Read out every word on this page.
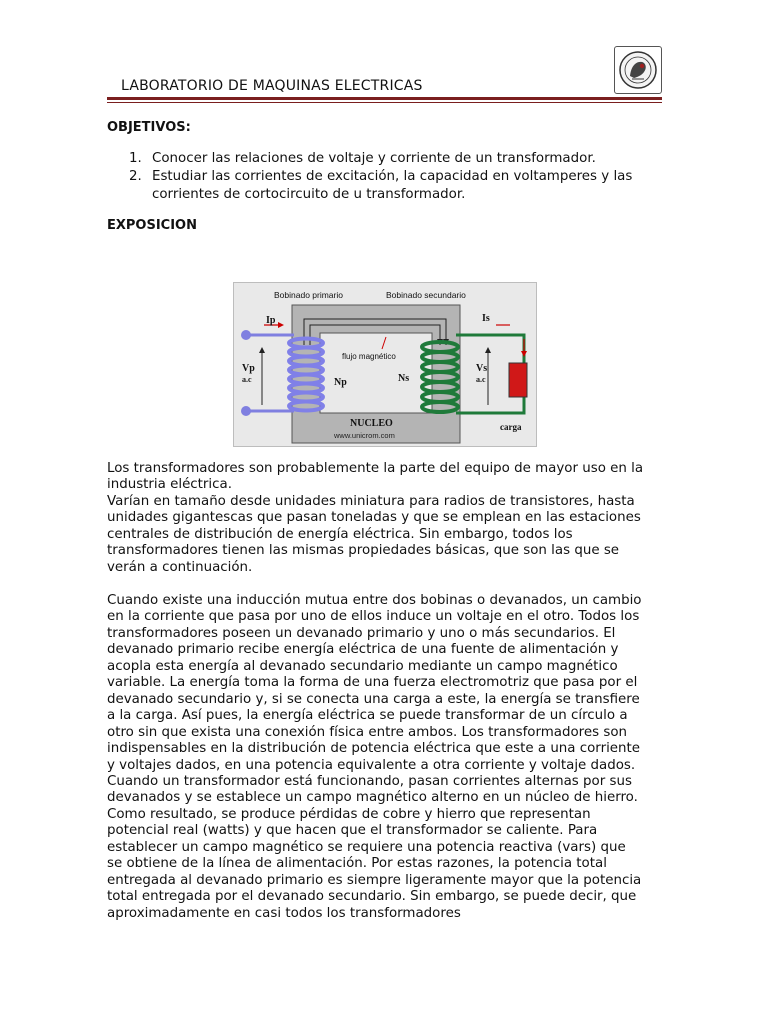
LABORATORIO DE MAQUINAS ELECTRICAS
OBJETIVOS:
1. Conocer las relaciones de voltaje y corriente de un transformador.
2. Estudiar las corrientes de excitación, la capacidad en voltamperes y las
corrientes de cortocircuito de u transformador.
EXPOSICION
Bobinado primario	Bobinado secundario
Ip	Is
flujo magnético
Vp
a.c	Np	Ns
Vs
a.c
NUCLEO
www.unicrom.com
carga
Los transformadores son probablemente la parte del equipo de mayor uso en la
industria eléctrica.
Varían en tamaño desde unidades miniatura para radios de transistores, hasta
unidades gigantescas que pasan toneladas y que se emplean en las estaciones
centrales de distribución de energía eléctrica. Sin embargo, todos los
transformadores tienen las mismas propiedades básicas, que son las que se
verán a continuación.
Cuando existe una inducción mutua entre dos bobinas o devanados, un cambio
en la corriente que pasa por uno de ellos induce un voltaje en el otro. Todos los
transformadores poseen un devanado primario y uno o más secundarios. El
devanado primario recibe energía eléctrica de una fuente de alimentación y
acopla esta energía al devanado secundario mediante un campo magnético
variable. La energía toma la forma de una fuerza electromotriz que pasa por el
devanado secundario y, si se conecta una carga a este, la energía se transfiere
a la carga. Así pues, la energía eléctrica se puede transformar de un círculo a
otro sin que exista una conexión física entre ambos. Los transformadores son
indispensables en la distribución de potencia eléctrica que este a una corriente
y voltajes dados, en una potencia equivalente a otra corriente y voltaje dados.
Cuando un transformador está funcionando, pasan corrientes alternas por sus
devanados y se establece un campo magnético alterno en un núcleo de hierro.
Como resultado, se produce pérdidas de cobre y hierro que representan
potencial real (watts) y que hacen que el transformador se caliente. Para
establecer un campo magnético se requiere una potencia reactiva (vars) que
se obtiene de la línea de alimentación. Por estas razones, la potencia total
entregada al devanado primario es siempre ligeramente mayor que la potencia
total entregada por el devanado secundario. Sin embargo, se puede decir, que
aproximadamente en casi todos los transformadores
